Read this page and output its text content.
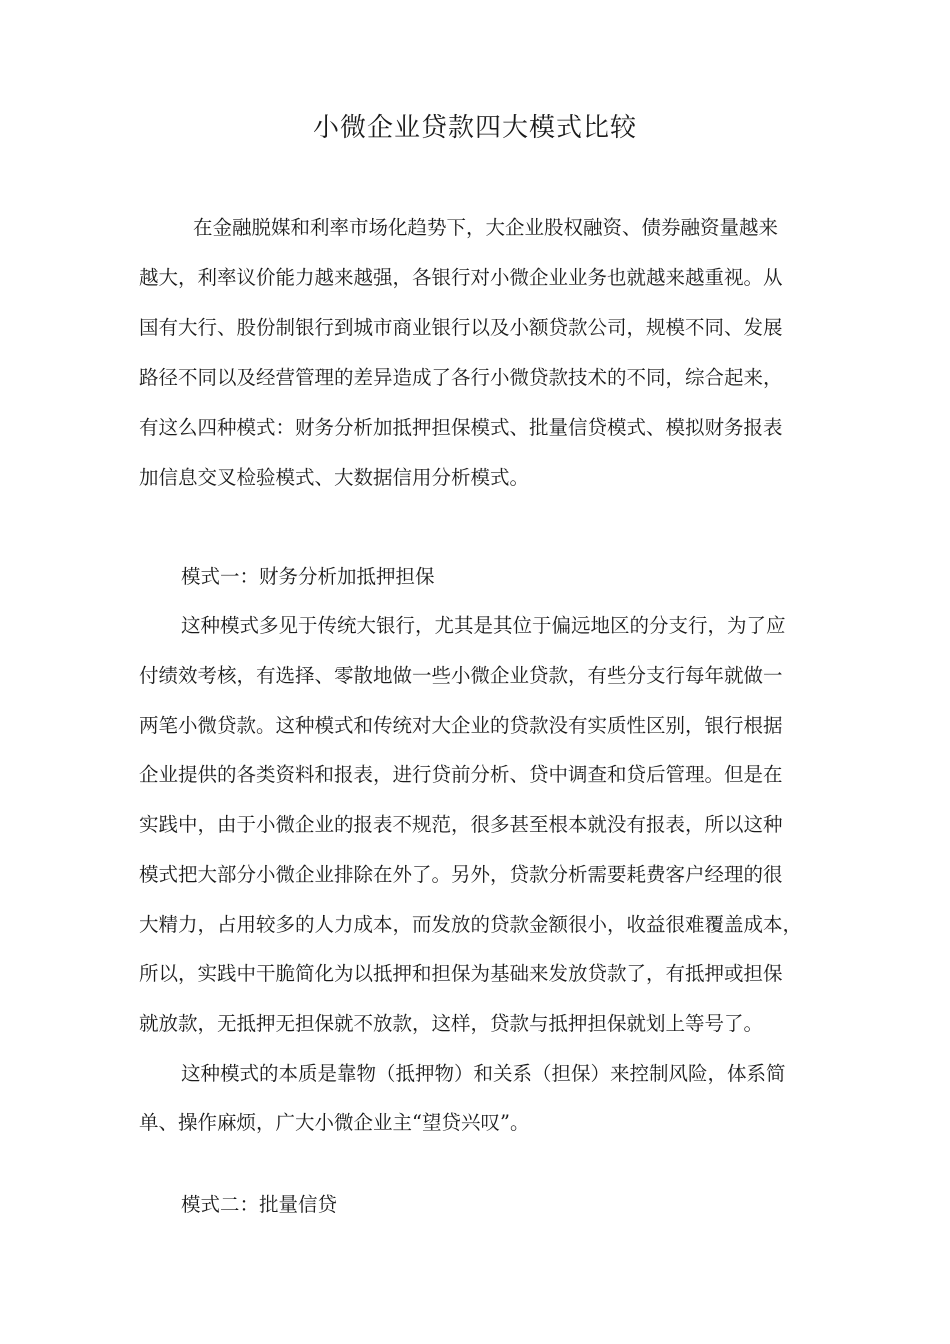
小微企业贷款四大模式比较
在金融脱媒和利率市场化趋势下，大企业股权融资、债券融资量越来
越大，利率议价能力越来越强，各银行对小微企业业务也就越来越重视。从
国有大行、股份制银行到城市商业银行以及小额贷款公司，规模不同、发展
路径不同以及经营管理的差异造成了各行小微贷款技术的不同，综合起来，
有这么四种模式：财务分析加抵押担保模式、批量信贷模式、模拟财务报表
加信息交叉检验模式、大数据信用分析模式。
模式一：财务分析加抵押担保
这种模式多见于传统大银行，尤其是其位于偏远地区的分支行，为了应
付绩效考核，有选择、零散地做一些小微企业贷款，有些分支行每年就做一
两笔小微贷款。这种模式和传统对大企业的贷款没有实质性区别，银行根据
企业提供的各类资料和报表，进行贷前分析、贷中调查和贷后管理。但是在
实践中，由于小微企业的报表不规范，很多甚至根本就没有报表，所以这种
模式把大部分小微企业排除在外了。另外，贷款分析需要耗费客户经理的很
大精力，占用较多的人力成本，而发放的贷款金额很小，收益很难覆盖成本，
所以，实践中干脆简化为以抵押和担保为基础来发放贷款了，有抵押或担保
就放款，无抵押无担保就不放款，这样，贷款与抵押担保就划上等号了。
这种模式的本质是靠物（抵押物）和关系（担保）来控制风险，体系简
单、操作麻烦，广大小微企业主“望贷兴叹”。
模式二：批量信贷
